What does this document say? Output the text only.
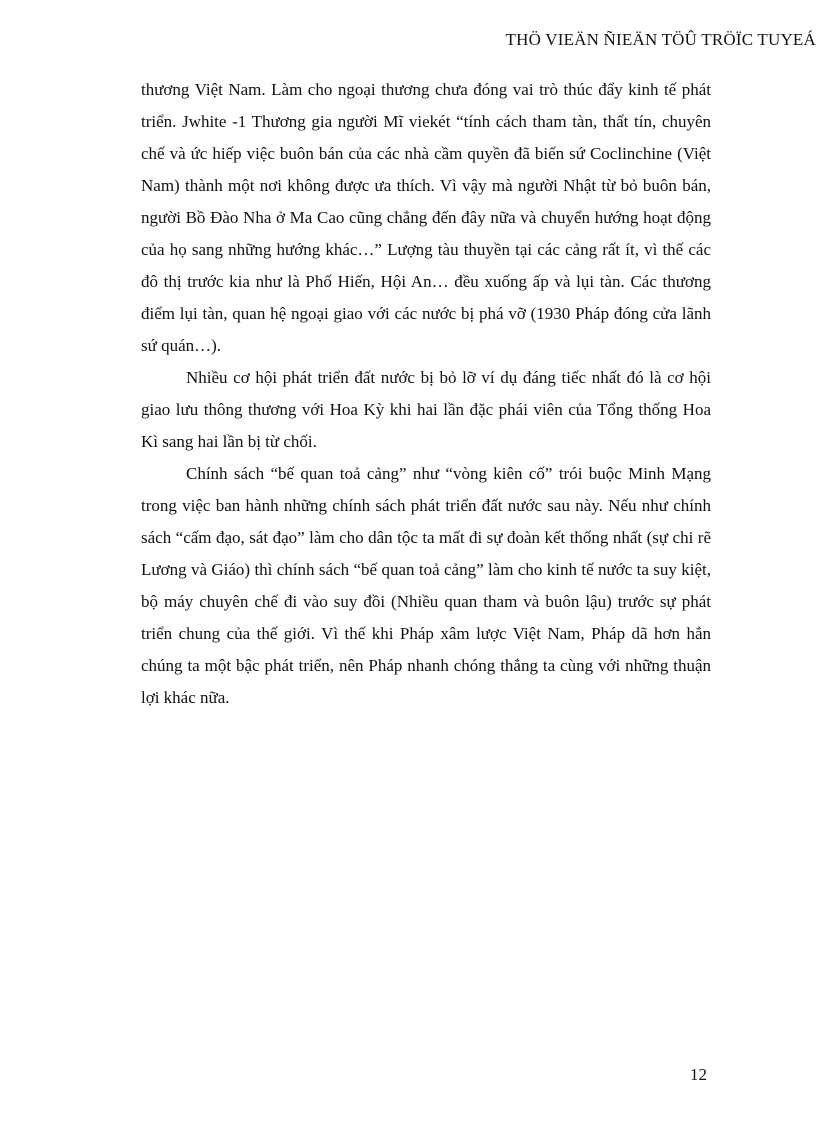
THÖ VIEÄN ÑIEÄN TÖÛ TRÖÏC TUYEÁ

thương Việt Nam. Làm cho ngoại thương chưa đóng vai trò thúc đẩy kinh tế phát triển. Jwhite -1 Thương gia người Mĩ viekét “tính cách tham tàn, thất tín, chuyên chế và ức hiếp việc buôn bán của các nhà cầm quyền đã biến sứ Coclinchine (Việt Nam) thành một nơi không được ưa thích. Vì vậy mà người Nhật từ bỏ buôn bán, người Bồ Đào Nha ở Ma Cao cũng chẳng đến đây nữa và chuyển hướng hoạt động của họ sang những hướng khác…” Lượng tàu thuyền tại các cảng rất ít, vì thế các đô thị trước kia như là Phố Hiến, Hội An… đều xuống ấp và lụi tàn. Các thương điếm lụi tàn, quan hệ ngoại giao với các nước bị phá vỡ (1930 Pháp đóng cửa lãnh sứ quán…).

Nhiều cơ hội phát triển đất nước bị bỏ lỡ ví dụ đáng tiếc nhất đó là cơ hội giao lưu thông thương với Hoa Kỳ khi hai lần đặc phái viên của Tổng thống Hoa Kì sang hai lần bị từ chối.

Chính sách “bế quan toả cảng” như “vòng kiên cố” trói buộc Minh Mạng trong việc ban hành những chính sách phát triển đất nước sau này. Nếu như chính sách “cấm đạo, sát đạo” làm cho dân tộc ta mất đi sự đoàn kết thống nhất (sự chi rẽ Lương và Giáo) thì chính sách “bế quan toả cảng” làm cho kinh tế nước ta suy kiệt, bộ máy chuyên chế đi vào suy đồi (Nhiều quan tham và buôn lậu) trước sự phát triển chung của thế giới. Vì thế khi Pháp xâm lược Việt Nam, Pháp dã hơn hẳn chúng ta một bậc phát triển, nên Pháp nhanh chóng thắng ta cùng với những thuận lợi khác nữa.

12
